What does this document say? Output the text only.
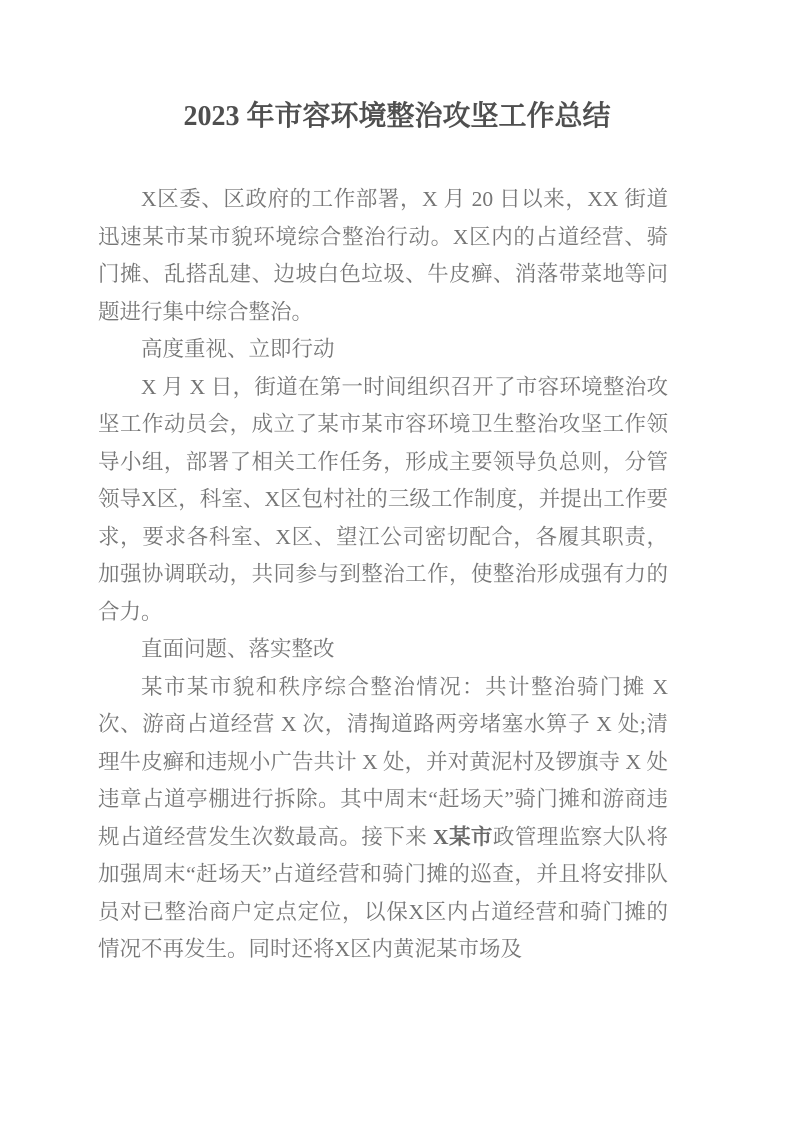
2023 年市容环境整治攻坚工作总结

X区委、区政府的工作部署，X 月 20 日以来，XX 街道迅速某市某市貌环境综合整治行动。X区内的占道经营、骑门摊、乱搭乱建、边坡白色垃圾、牛皮癣、消落带菜地等问题进行集中综合整治。

高度重视、立即行动

X 月 X 日，街道在第一时间组织召开了市容环境整治攻坚工作动员会，成立了某市某市容环境卫生整治攻坚工作领导小组，部署了相关工作任务，形成主要领导负总则，分管领导X区，科室、X区包村社的三级工作制度，并提出工作要求，要求各科室、X区、望江公司密切配合，各履其职责，加强协调联动，共同参与到整治工作，使整治形成强有力的合力。

直面问题、落实整改

某市某市貌和秩序综合整治情况：共计整治骑门摊 X 次、游商占道经营 X 次，清掏道路两旁堵塞水箅子 X 处;清理牛皮癣和违规小广告共计 X 处，并对黄泥村及锣旗寺 X 处违章占道亭棚进行拆除。其中周末“赶场天”骑门摊和游商违规占道经营发生次数最高。接下来 X某市政管理监察大队将加强周末“赶场天”占道经营和骑门摊的巡查，并且将安排队员对已整治商户定点定位，以保X区内占道经营和骑门摊的情况不再发生。同时还将X区内黄泥某市场及
